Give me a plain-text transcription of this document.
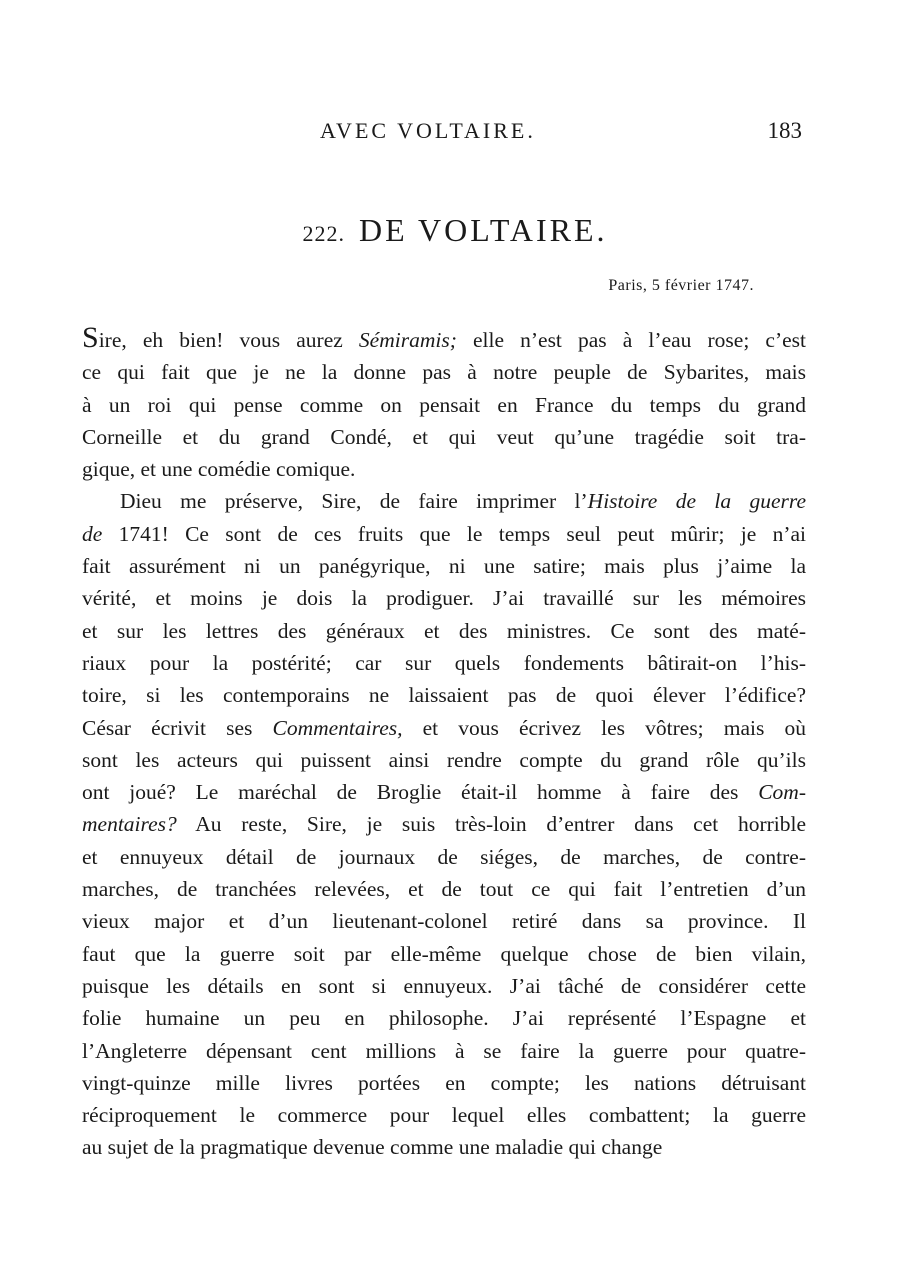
AVEC VOLTAIRE.	183
222. DE VOLTAIRE.
Paris, 5 février 1747.
Sire, eh bien! vous aurez Sémiramis; elle n’est pas à l’eau rose; c’est
ce qui fait que je ne la donne pas à notre peuple de Sybarites, mais
à un roi qui pense comme on pensait en France du temps du grand
Corneille et du grand Condé, et qui veut qu’une tragédie soit tra-
gique, et une comédie comique.
Dieu me préserve, Sire, de faire imprimer l’Histoire de la guerre
de 1741! Ce sont de ces fruits que le temps seul peut mûrir; je n’ai
fait assurément ni un panégyrique, ni une satire; mais plus j’aime la
vérité, et moins je dois la prodiguer. J’ai travaillé sur les mémoires
et sur les lettres des généraux et des ministres. Ce sont des maté-
riaux pour la postérité; car sur quels fondements bâtirait-on l’his-
toire, si les contemporains ne laissaient pas de quoi élever l’édifice?
César écrivit ses Commentaires, et vous écrivez les vôtres; mais où
sont les acteurs qui puissent ainsi rendre compte du grand rôle qu’ils
ont joué? Le maréchal de Broglie était-il homme à faire des Com-
mentaires? Au reste, Sire, je suis très-loin d’entrer dans cet horrible
et ennuyeux détail de journaux de siéges, de marches, de contre-
marches, de tranchées relevées, et de tout ce qui fait l’entretien d’un
vieux major et d’un lieutenant-colonel retiré dans sa province. Il
faut que la guerre soit par elle-même quelque chose de bien vilain,
puisque les détails en sont si ennuyeux. J’ai tâché de considérer cette
folie humaine un peu en philosophe. J’ai représenté l’Espagne et
l’Angleterre dépensant cent millions à se faire la guerre pour quatre-
vingt-quinze mille livres portées en compte; les nations détruisant
réciproquement le commerce pour lequel elles combattent; la guerre
au sujet de la pragmatique devenue comme une maladie qui change
